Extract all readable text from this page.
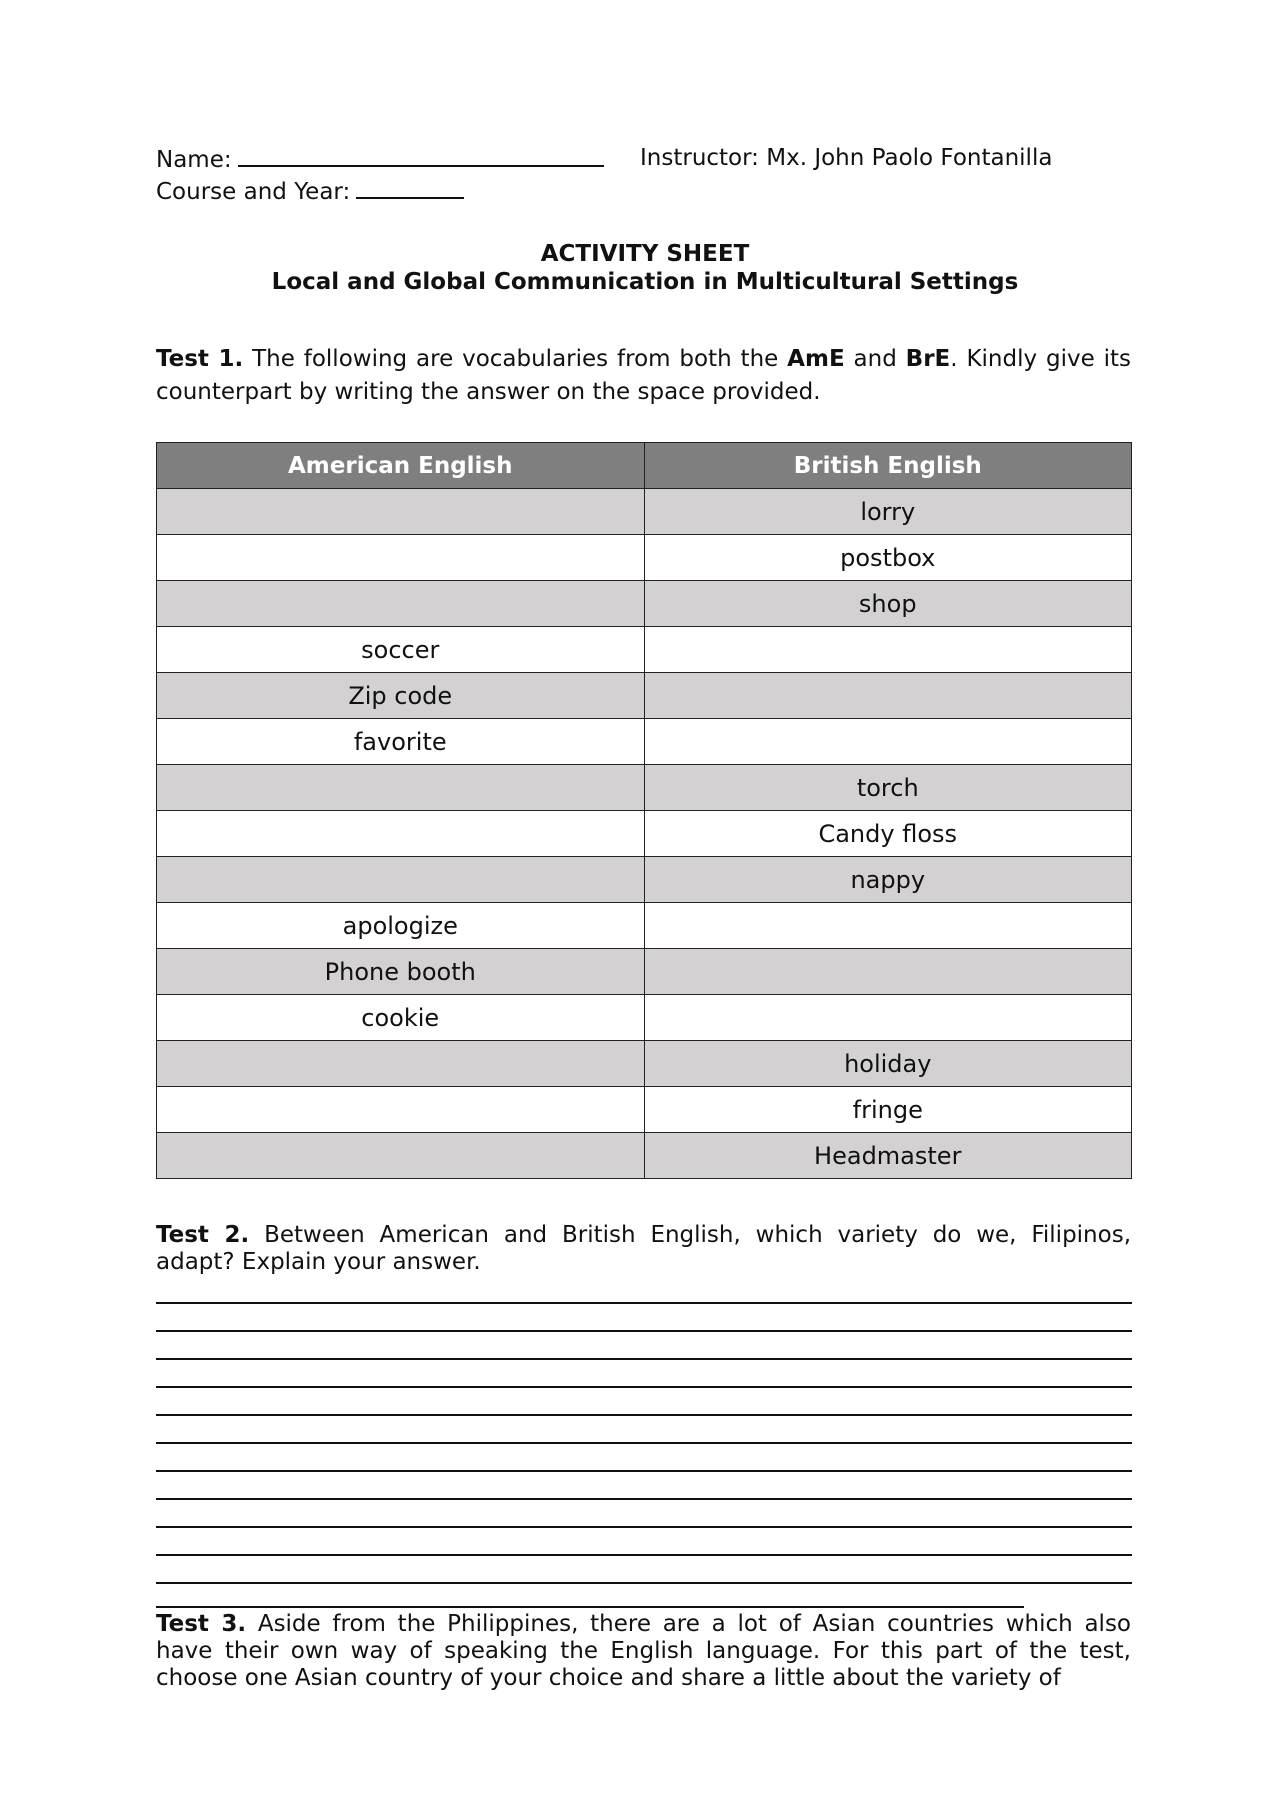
Name:	Instructor: Mx. John Paolo Fontanilla
Course and Year:
ACTIVITY SHEET
Local and Global Communication in Multicultural Settings
Test 1. The following are vocabularies from both the AmE and BrE. Kindly give its counterpart by writing the answer on the space provided.
American English	British English
	lorry
	postbox
	shop
soccer	
Zip code	
favorite	
	torch
	Candy floss
	nappy
apologize	
Phone booth	
cookie	
	holiday
	fringe
	Headmaster
Test 2. Between American and British English, which variety do we, Filipinos, adapt? Explain your answer.
Test 3. Aside from the Philippines, there are a lot of Asian countries which also have their own way of speaking the English language. For this part of the test, choose one Asian country of your choice and share a little about the variety of
